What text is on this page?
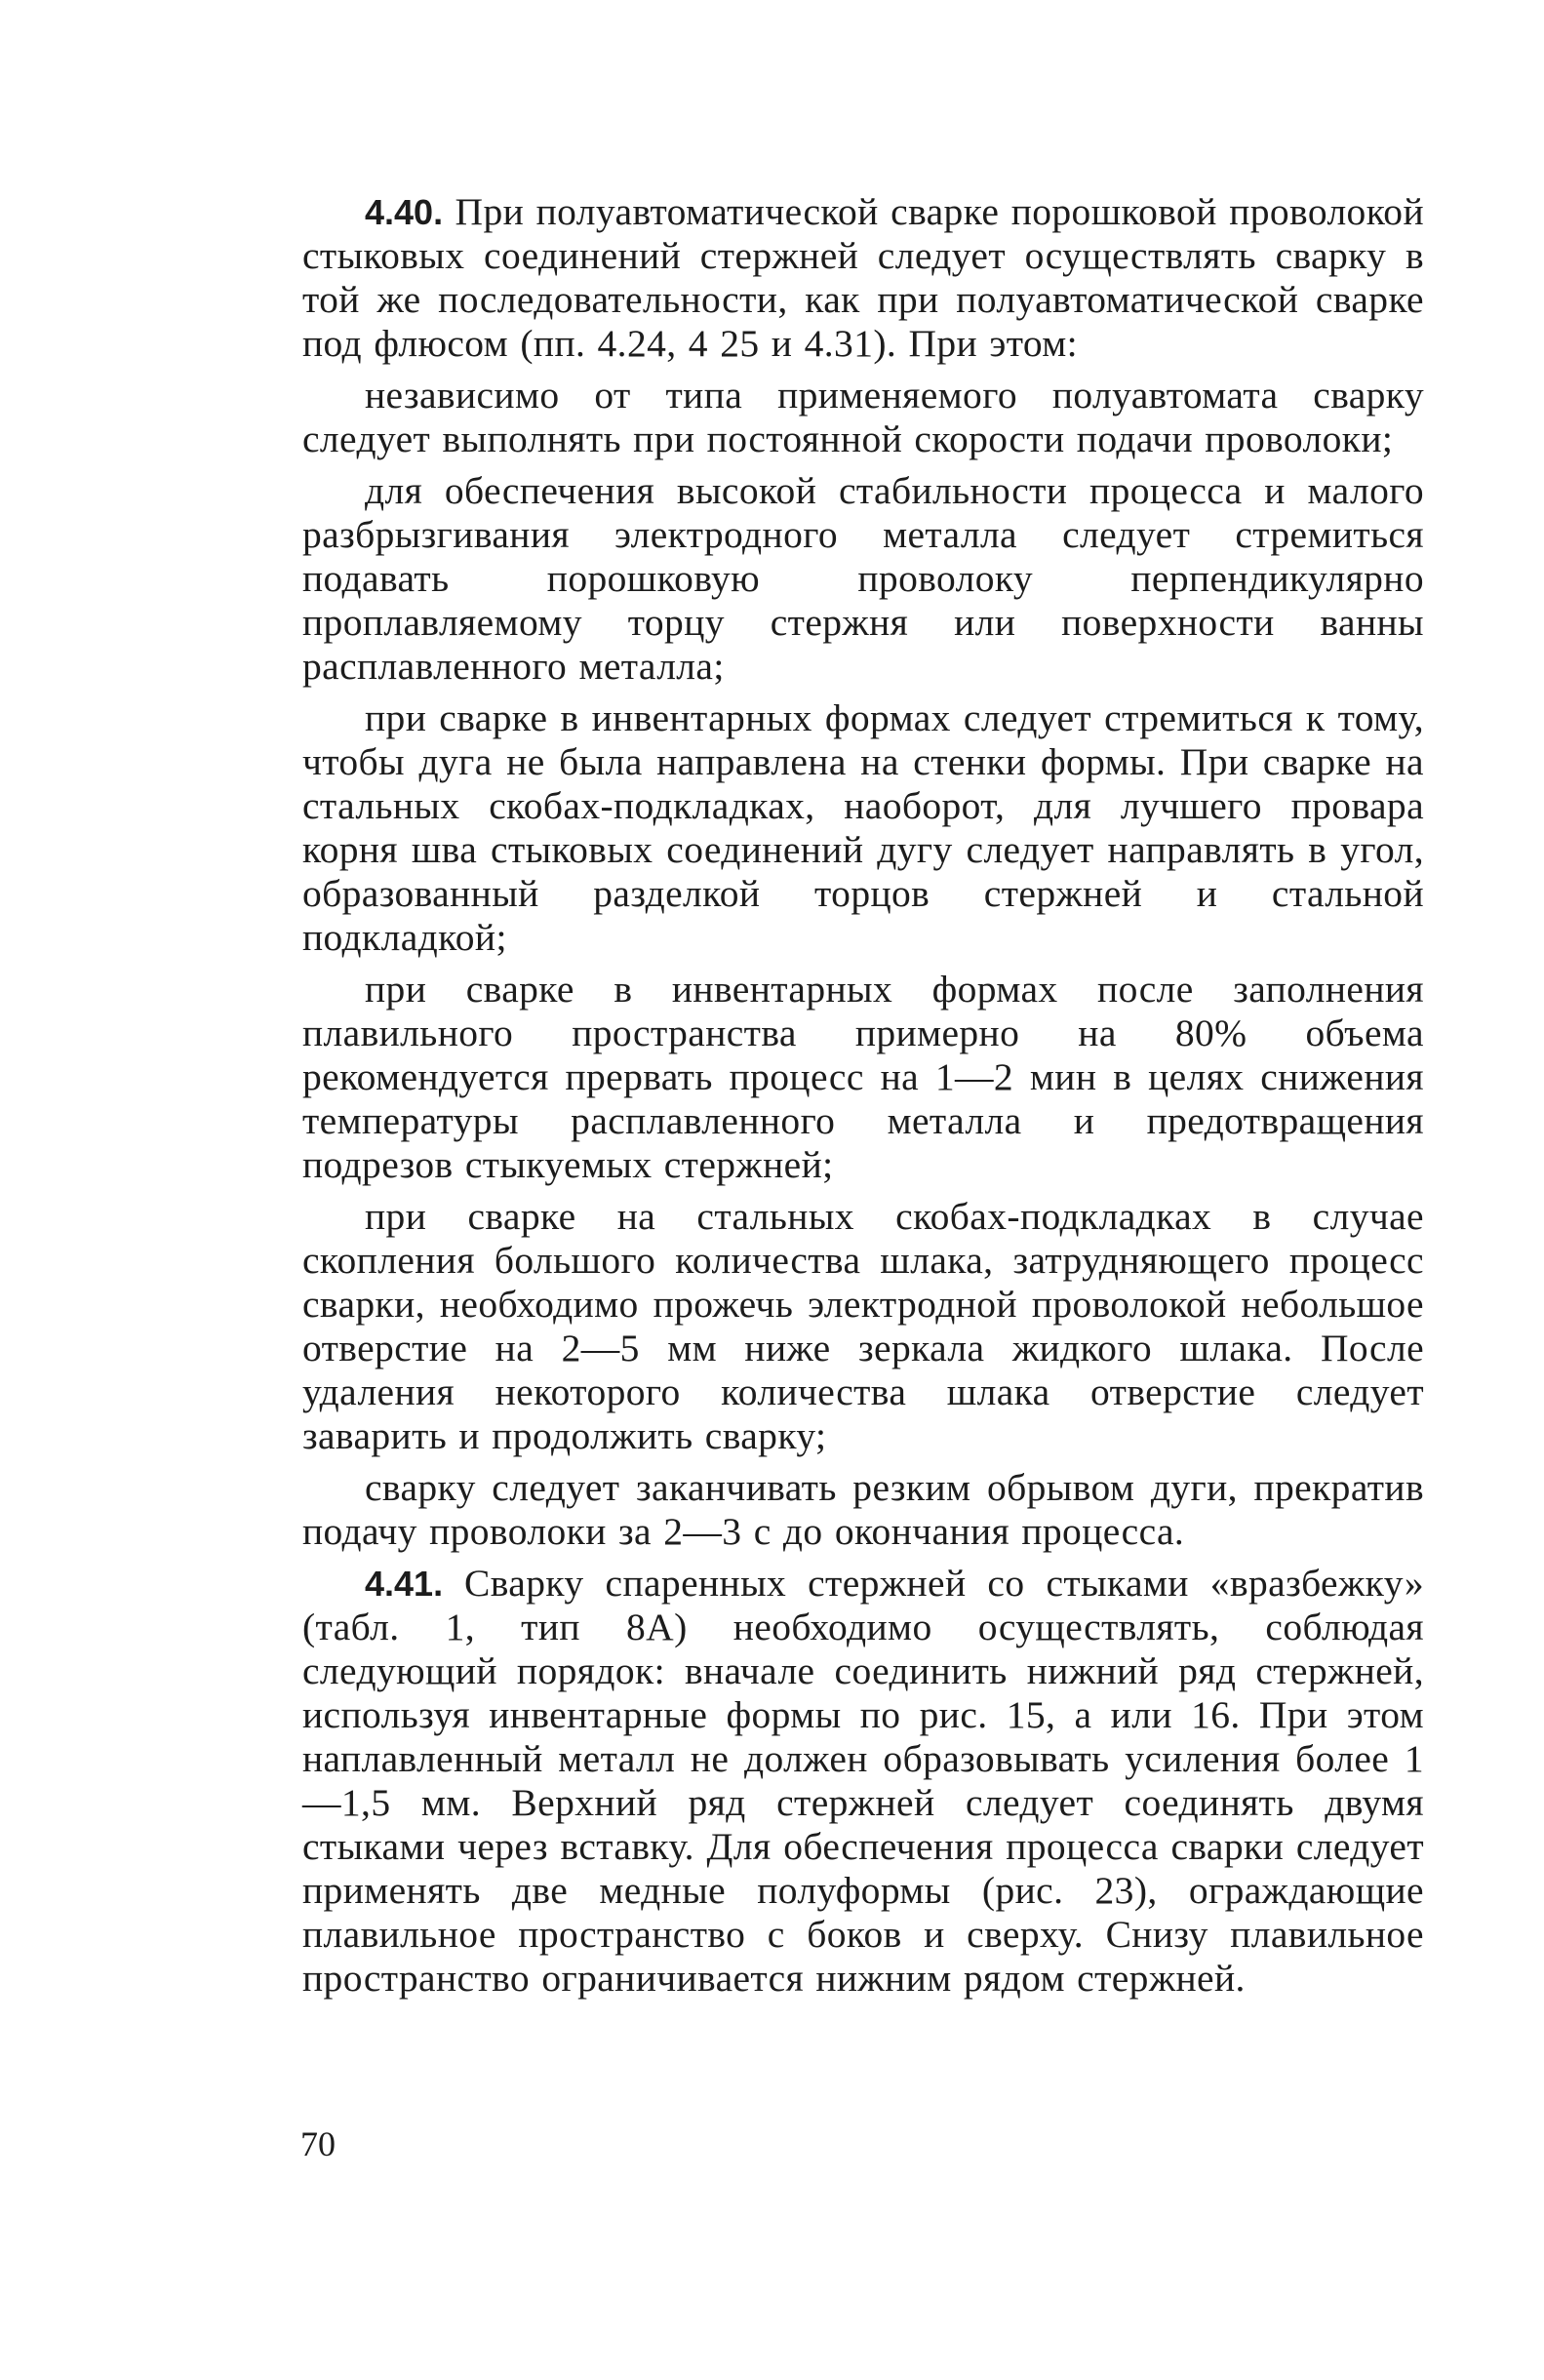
4.40. При полуавтоматической сварке порошковой проволокой стыковых соединений стержней следует осуществлять сварку в той же последовательности, как при полуавтоматической сварке под флюсом (пп. 4.24, 4 25 и 4.31). При этом:

независимо от типа применяемого полуавтомата сварку следует выполнять при постоянной скорости подачи проволоки;

для обеспечения высокой стабильности процесса и малого разбрызгивания электродного металла следует стремиться подавать порошковую проволоку перпендикулярно проплавляемому торцу стержня или поверхности ванны расплавленного металла;

при сварке в инвентарных формах следует стремиться к тому, чтобы дуга не была направлена на стенки формы. При сварке на стальных скобах-подкладках, наоборот, для лучшего провара корня шва стыковых соединений дугу следует направлять в угол, образованный разделкой торцов стержней и стальной подкладкой;

при сварке в инвентарных формах после заполнения плавильного пространства примерно на 80% объема рекомендуется прервать процесс на 1—2 мин в целях снижения температуры расплавленного металла и предотвращения подрезов стыкуемых стержней;

при сварке на стальных скобах-подкладках в случае скопления большого количества шлака, затрудняющего процесс сварки, необходимо прожечь электродной проволокой небольшое отверстие на 2—5 мм ниже зеркала жидкого шлака. После удаления некоторого количества шлака отверстие следует заварить и продолжить сварку;

сварку следует заканчивать резким обрывом дуги, прекратив подачу проволоки за 2—3 с до окончания процесса.

4.41. Сварку спаренных стержней со стыками «вразбежку» (табл. 1, тип 8А) необходимо осуществлять, соблюдая следующий порядок: вначале соединить нижний ряд стержней, используя инвентарные формы по рис. 15, а или 16. При этом наплавленный металл не должен образовывать усиления более 1—1,5 мм. Верхний ряд стержней следует соединять двумя стыками через вставку. Для обеспечения процесса сварки следует применять две медные полуформы (рис. 23), ограждающие плавильное пространство с боков и сверху. Снизу плавильное пространство ограничивается нижним рядом стержней.

70
